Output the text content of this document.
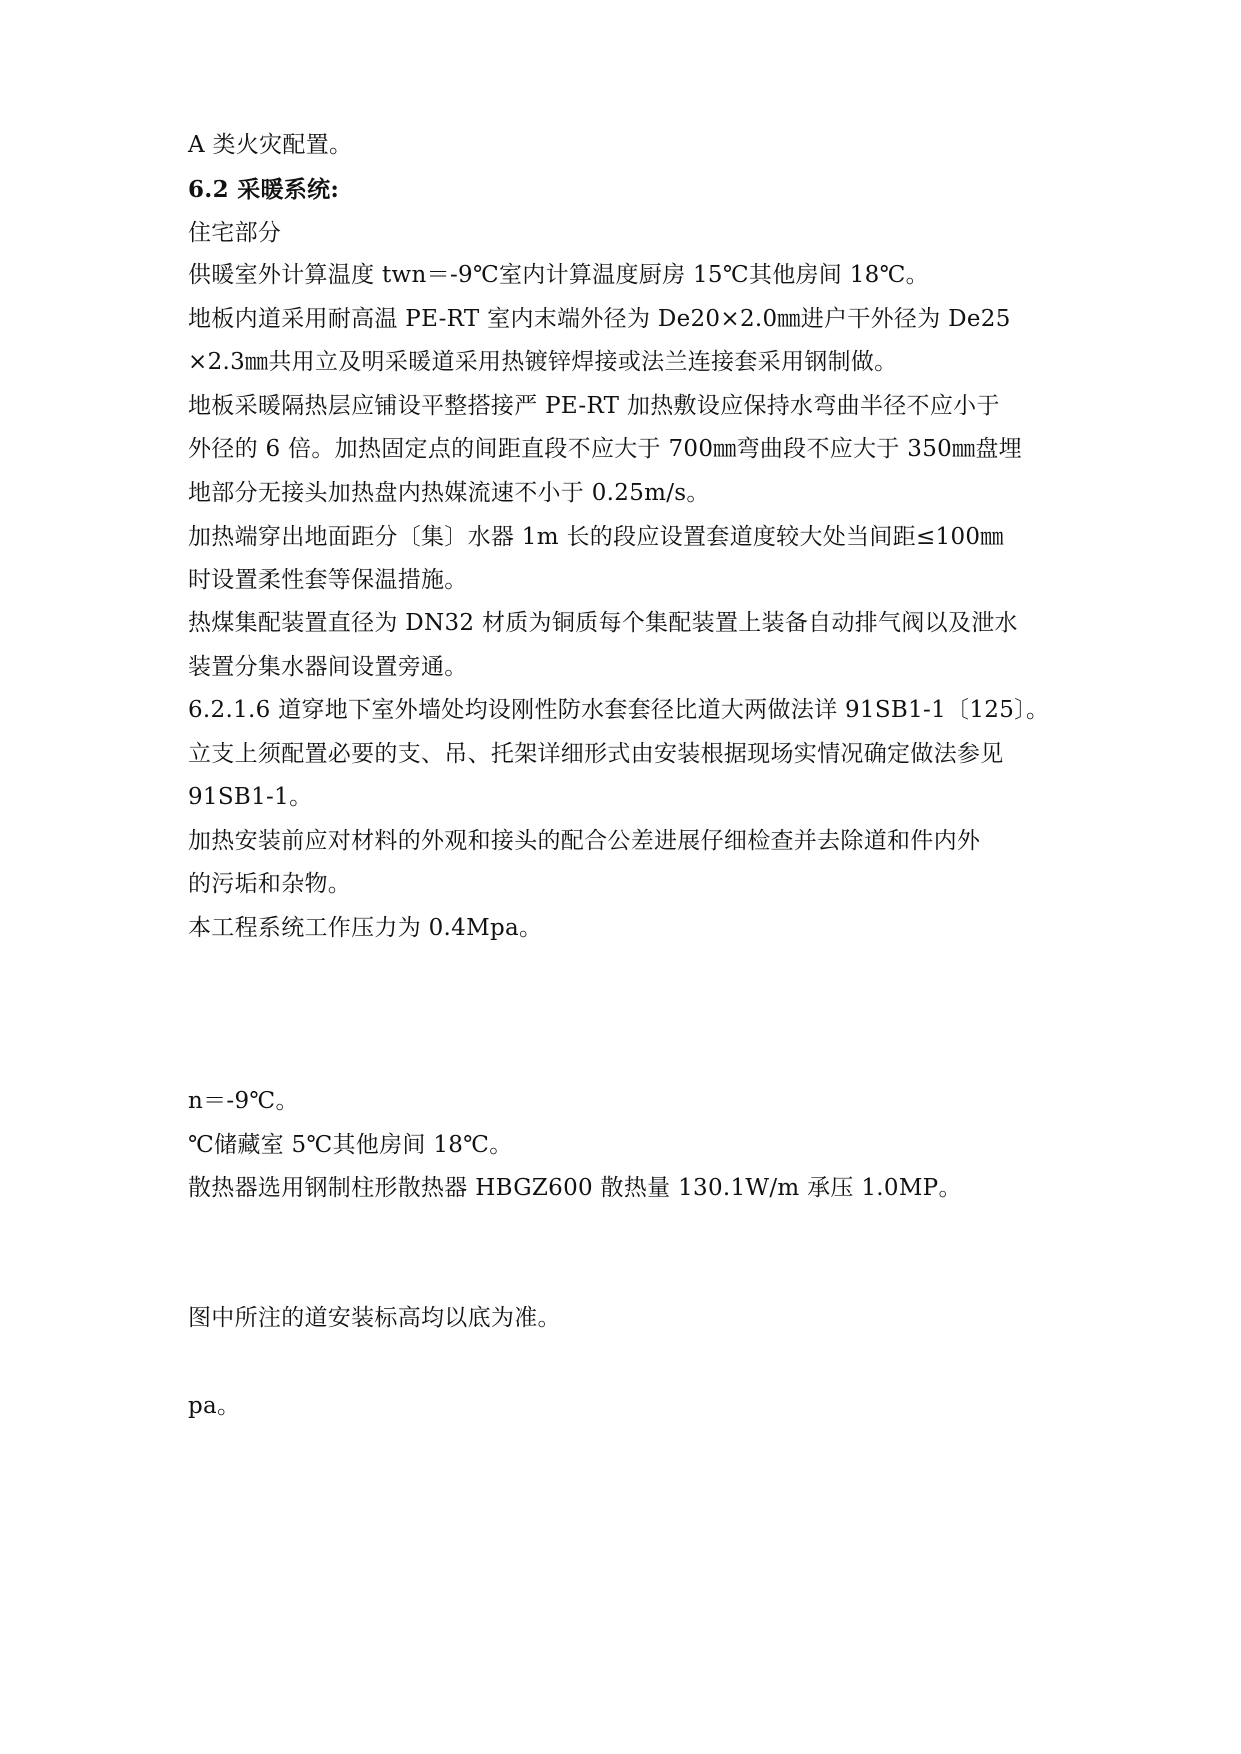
A 类火灾配置。
6.2 采暖系统:
住宅部分
供暖室外计算温度 twn＝-9℃室内计算温度厨房 15℃其他房间 18℃。
地板内道采用耐高温 PE-RT 室内末端外径为 De20×2.0㎜进户干外径为 De25
×2.3㎜共用立及明采暖道采用热镀锌焊接或法兰连接套采用钢制做。
地板采暖隔热层应铺设平整搭接严 PE-RT 加热敷设应保持水弯曲半径不应小于
外径的 6 倍。加热固定点的间距直段不应大于 700㎜弯曲段不应大于 350㎜盘埋
地部分无接头加热盘内热媒流速不小于 0.25m/s。
加热端穿出地面距分〔集〕水器 1m 长的段应设置套道度较大处当间距≤100㎜
时设置柔性套等保温措施。
热煤集配装置直径为 DN32 材质为铜质每个集配装置上装备自动排气阀以及泄水
装置分集水器间设置旁通。
6.2.1.6 道穿地下室外墙处均设刚性防水套套径比道大两做法详 91SB1-1〔125〕。
立支上须配置必要的支、吊、托架详细形式由安装根据现场实情况确定做法参见
91SB1-1。
加热安装前应对材料的外观和接头的配合公差进展仔细检查并去除道和件内外
的污垢和杂物。
本工程系统工作压力为 0.4Mpa。
n＝-9℃。
℃储藏室 5℃其他房间 18℃。
散热器选用钢制柱形散热器 HBGZ600 散热量 130.1W/m 承压 1.0MP。
图中所注的道安装标高均以底为准。
pa。
